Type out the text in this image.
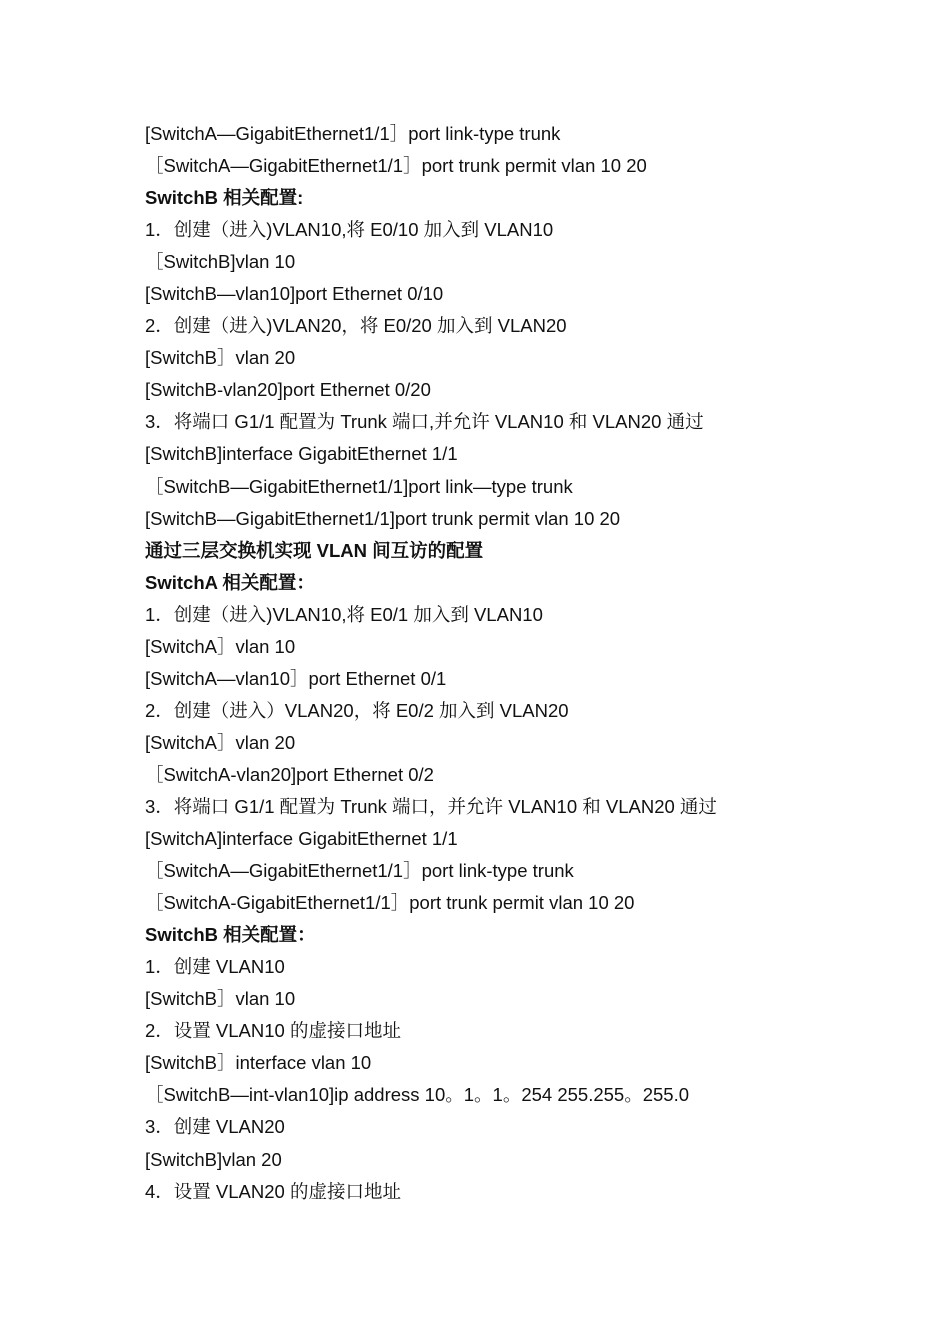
[SwitchA—GigabitEthernet1/1］port link-type trunk
［SwitchA—GigabitEthernet1/1］port trunk permit vlan 10 20
SwitchB 相关配置:
1．创建（进入)VLAN10,将 E0/10 加入到 VLAN10
［SwitchB]vlan 10
[SwitchB—vlan10]port Ethernet 0/10
2．创建（进入)VLAN20，将 E0/20 加入到 VLAN20
[SwitchB］vlan 20
[SwitchB-vlan20]port Ethernet 0/20
3．将端口 G1/1 配置为 Trunk 端口,并允许 VLAN10 和 VLAN20 通过
[SwitchB]interface GigabitEthernet 1/1
［SwitchB—GigabitEthernet1/1]port link—type trunk
[SwitchB—GigabitEthernet1/1]port trunk permit vlan 10 20
通过三层交换机实现 VLAN 间互访的配置
SwitchA 相关配置：
1．创建（进入)VLAN10,将 E0/1 加入到 VLAN10
[SwitchA］vlan 10
[SwitchA—vlan10］port Ethernet 0/1
2．创建（进入）VLAN20，将 E0/2 加入到 VLAN20
[SwitchA］vlan 20
［SwitchA-vlan20]port Ethernet 0/2
3．将端口 G1/1 配置为 Trunk 端口，并允许 VLAN10 和 VLAN20 通过
[SwitchA]interface GigabitEthernet 1/1
［SwitchA—GigabitEthernet1/1］port link-type trunk
［SwitchA-GigabitEthernet1/1］port trunk permit vlan 10 20
SwitchB 相关配置：
1．创建 VLAN10
[SwitchB］vlan 10
2．设置 VLAN10 的虚接口地址
[SwitchB］interface vlan 10
［SwitchB—int-vlan10]ip address 10。1。1。254 255.255。255.0
3．创建 VLAN20
[SwitchB]vlan 20
4．设置 VLAN20 的虚接口地址
